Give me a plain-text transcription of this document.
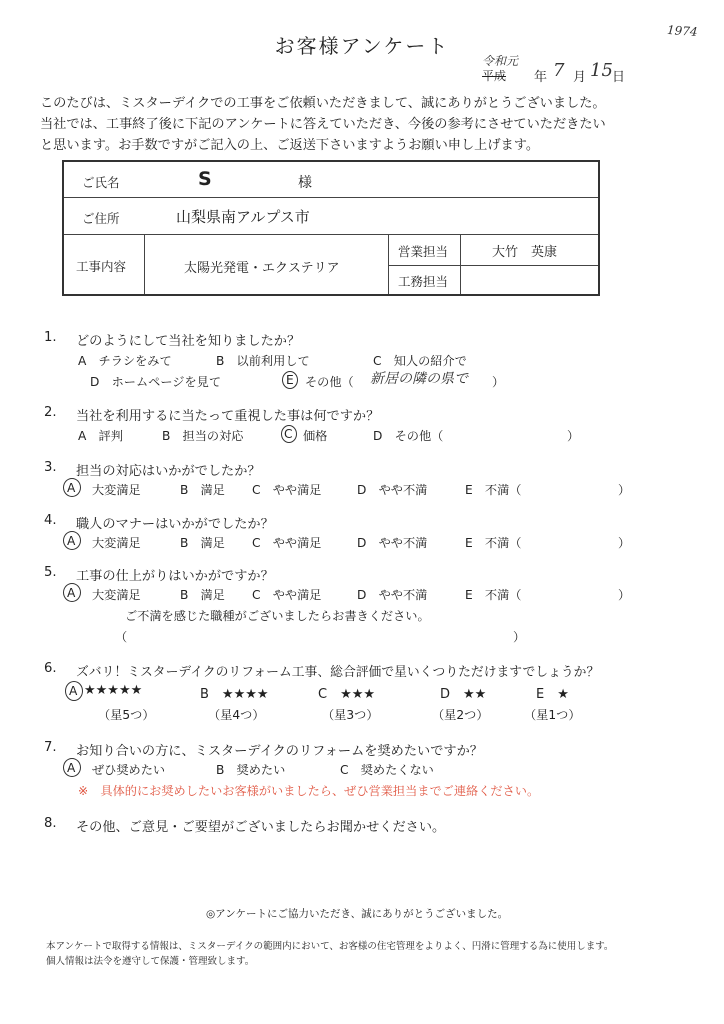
お客様アンケート
1974
令和元
平成 年 7 月 15 日
このたびは、ミスターデイクでの工事をご依頼いただきまして、誠にありがとうございました。
当社では、工事終了後に下記のアンケートに答えていただき、今後の参考にさせていただきたい
と思います。お手数ですがご記入の上、ご返送下さいますようお願い申し上げます。
ご氏名	S	様
ご住所	山梨県南アルプス市
工事内容	太陽光発電・エクステリア
営業担当	大竹　英康
工務担当
1. どのようにして当社を知りましたか？
A　チラシをみて	B　以前利用して	C　知人の紹介で
D　ホームページを見て	E その他（ 新居の隣の県で ）
2. 当社を利用するに当たって重視した事は何ですか？
A　評判	B　担当の対応	C 価格	D　その他（	）
3. 担当の対応はいかがでしたか？
A 大変満足	B　満足 C　やや満足	D　やや不満	E　不満（	）
4. 職人のマナーはいかがでしたか？
A 大変満足	B　満足 C　やや満足	D　やや不満	E　不満（	）
5. 工事の仕上がりはいかがですか？
A 大変満足	B　満足 C　やや満足	D　やや不満	E　不満（	）
ご不満を感じた職種がございましたらお書きください。
（	）
6. ズバリ！ミスターデイクのリフォーム工事、総合評価で星いくつりただけますでしょうか？
A ★★★★★	B　★★★★	C　★★★	D　★★	E　★
（星5つ）	（星4つ）	（星3つ）	（星2つ）	（星1つ）
7. お知り合いの方に、ミスターデイクのリフォームを奨めたいですか？
A ぜひ奨めたい	B　奨めたい	C　奨めたくない
※　具体的にお奨めしたいお客様がいましたら、ぜひ営業担当までご連絡ください。
8. その他、ご意見・ご要望がございましたらお聞かせください。
◎アンケートにご協力いただき、誠にありがとうございました。
本アンケートで取得する情報は、ミスターデイクの範囲内において、お客様の住宅管理をよりよく、円滑に管理する為に使用します。
個人情報は法令を遵守して保護・管理致します。
